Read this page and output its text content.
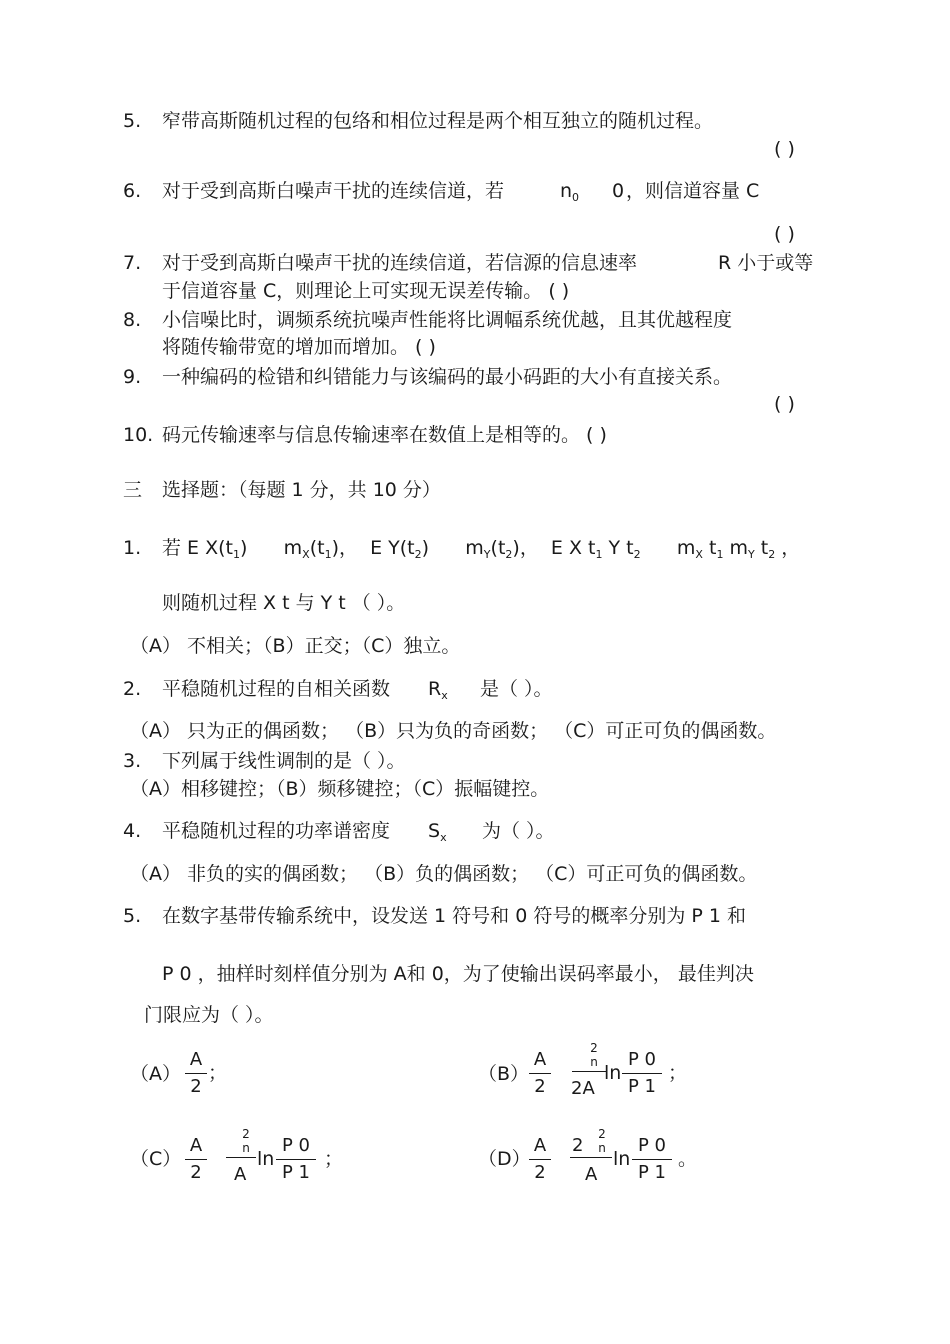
5. 窄带高斯随机过程的包络和相位过程是两个相互独立的随机过程。
( )
6. 对于受到高斯白噪声干扰的连续信道，若	$n_0$ 0 ，则信道容量 C
( )
7. 对于受到高斯白噪声干扰的连续信道，若信源的信息速率	R 小于或等
于信道容量 C，则理论上可实现无误差传输。 ( )
8. 小信噪比时，调频系统抗噪声性能将比调幅系统优越，且其优越程度
将随传输带宽的增加而增加。 ( )
9. 一种编码的检错和纠错能力与该编码的最小码距的大小有直接关系。
( )
10. 码元传输速率与信息传输速率在数值上是相等的。 ( )
三 选择题：（每题 1 分，共 10 分）
1. 若 E $X(t_1)$ $m_X(t_1)$， E $Y(t_2)$ $m_Y(t_2)$， E X $t_1$ Y $t_2$ $m_X$ $t_1$ $m_Y$ $t_2$ ，
则随机过程 X t 与 Y t （ ）。
（A） 不相关；（B）正交；（C）独立。
2. 平稳随机过程的自相关函数 $R_x$ 是（ ）。
（A） 只为正的偶函数； （B）只为负的奇函数； （C）可正可负的偶函数。
3. 下列属于线性调制的是（ ）。
（A）相移键控；（B）频移键控；（C）振幅键控。
4. 平稳随机过程的功率谱密度 $S_x$ 为（ ）。
（A） 非负的实的偶函数； （B）负的偶函数； （C）可正可负的偶函数。
5. 在数字基带传输系统中，设发送 1 符号和 0 符号的概率分别为 P 1 和
P 0 ，抽样时刻样值分别为 A和 0，为了使输出误码率最小， 最佳判决
门限应为（ ）。
（A）
A
2
；	（B）
A
2
2
n
2A
ln
P 0
P 1
；
（C）
A
2
2
n
A
ln
P 0
P 1
；	（D）
A
2
2
2
n
A
ln
P 0
P 1
。
